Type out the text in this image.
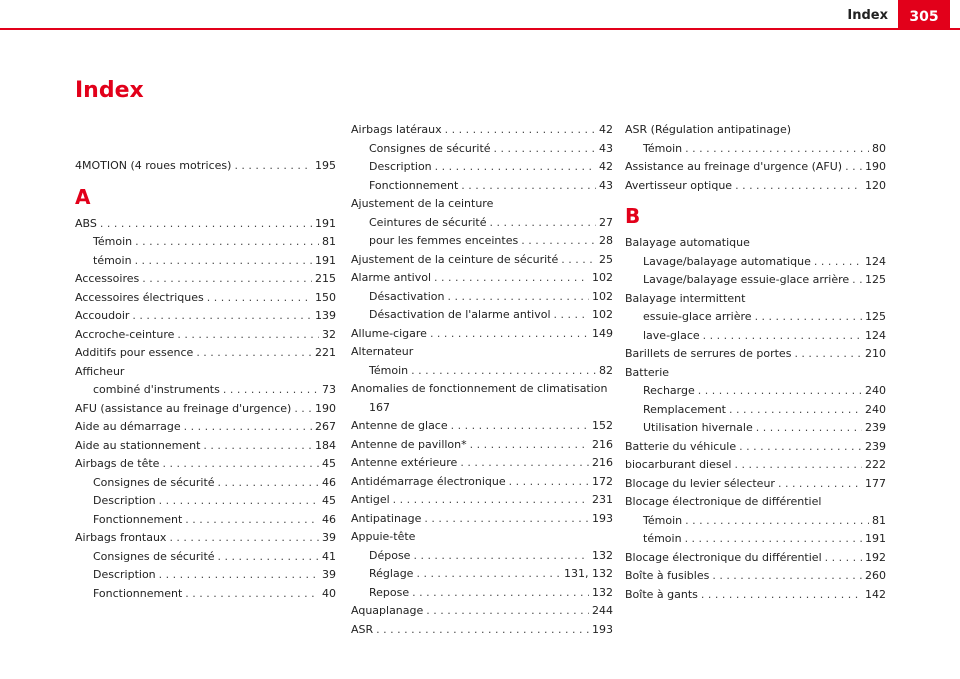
Index	305
Index
4MOTION (4 roues motrices) . . .	195
A
ABS . . .	191
Témoin . . .	81
témoin . . .	191
Accessoires . . .	215
Accessoires électriques . . .	150
Accoudoir . . .	139
Accroche-ceinture . . .	32
Additifs pour essence . . .	221
Afficheur
combiné d'instruments . . .	73
AFU (assistance au freinage d'urgence) . . . 190
Aide au démarrage . . .	267
Aide au stationnement . . .	184
Airbags de tête . . .	45
Consignes de sécurité . . .	46
Description . . .	45
Fonctionnement . . .	46
Airbags frontaux . . .	39
Consignes de sécurité . . .	41
Description . . .	39
Fonctionnement . . .	40
Airbags latéraux . . .	42
Consignes de sécurité . . .	43
Description . . .	42
Fonctionnement . . .	43
Ajustement de la ceinture
Ceintures de sécurité . . .	27
pour les femmes enceintes . . .	28
Ajustement de la ceinture de sécurité . . .	25
Alarme antivol . . .	102
Désactivation . . .	102
Désactivation de l'alarme antivol . . .	102
Allume-cigare . . .	149
Alternateur
Témoin . . .	82
Anomalies de fonctionnement de climatisation
167
Antenne de glace . . .	152
Antenne de pavillon* . . .	216
Antenne extérieure . . .	216
Antidémarrage électronique . . .	172
Antigel . . .	231
Antipatinage . . .	193
Appuie-tête
Dépose . . .	132
Réglage . . .	131, 132
Repose . . .	132
Aquaplanage . . .	244
ASR . . .	193
ASR (Régulation antipatinage)
Témoin . . .	80
Assistance au freinage d'urgence (AFU) . . . 190
Avertisseur optique . . .	120
B
Balayage automatique
Lavage/balayage automatique . . .	124
Lavage/balayage essuie-glace arrière . . . 125
Balayage intermittent
essuie-glace arrière . . .	125
lave-glace . . .	124
Barillets de serrures de portes . . .	210
Batterie
Recharge . . .	240
Remplacement . . .	240
Utilisation hivernale . . .	239
Batterie du véhicule . . .	239
biocarburant diesel . . .	222
Blocage du levier sélecteur . . .	177
Blocage électronique de différentiel
Témoin . . .	81
témoin . . .	191
Blocage électronique du différentiel . . .	192
Boîte à fusibles . . .	260
Boîte à gants . . .	142
